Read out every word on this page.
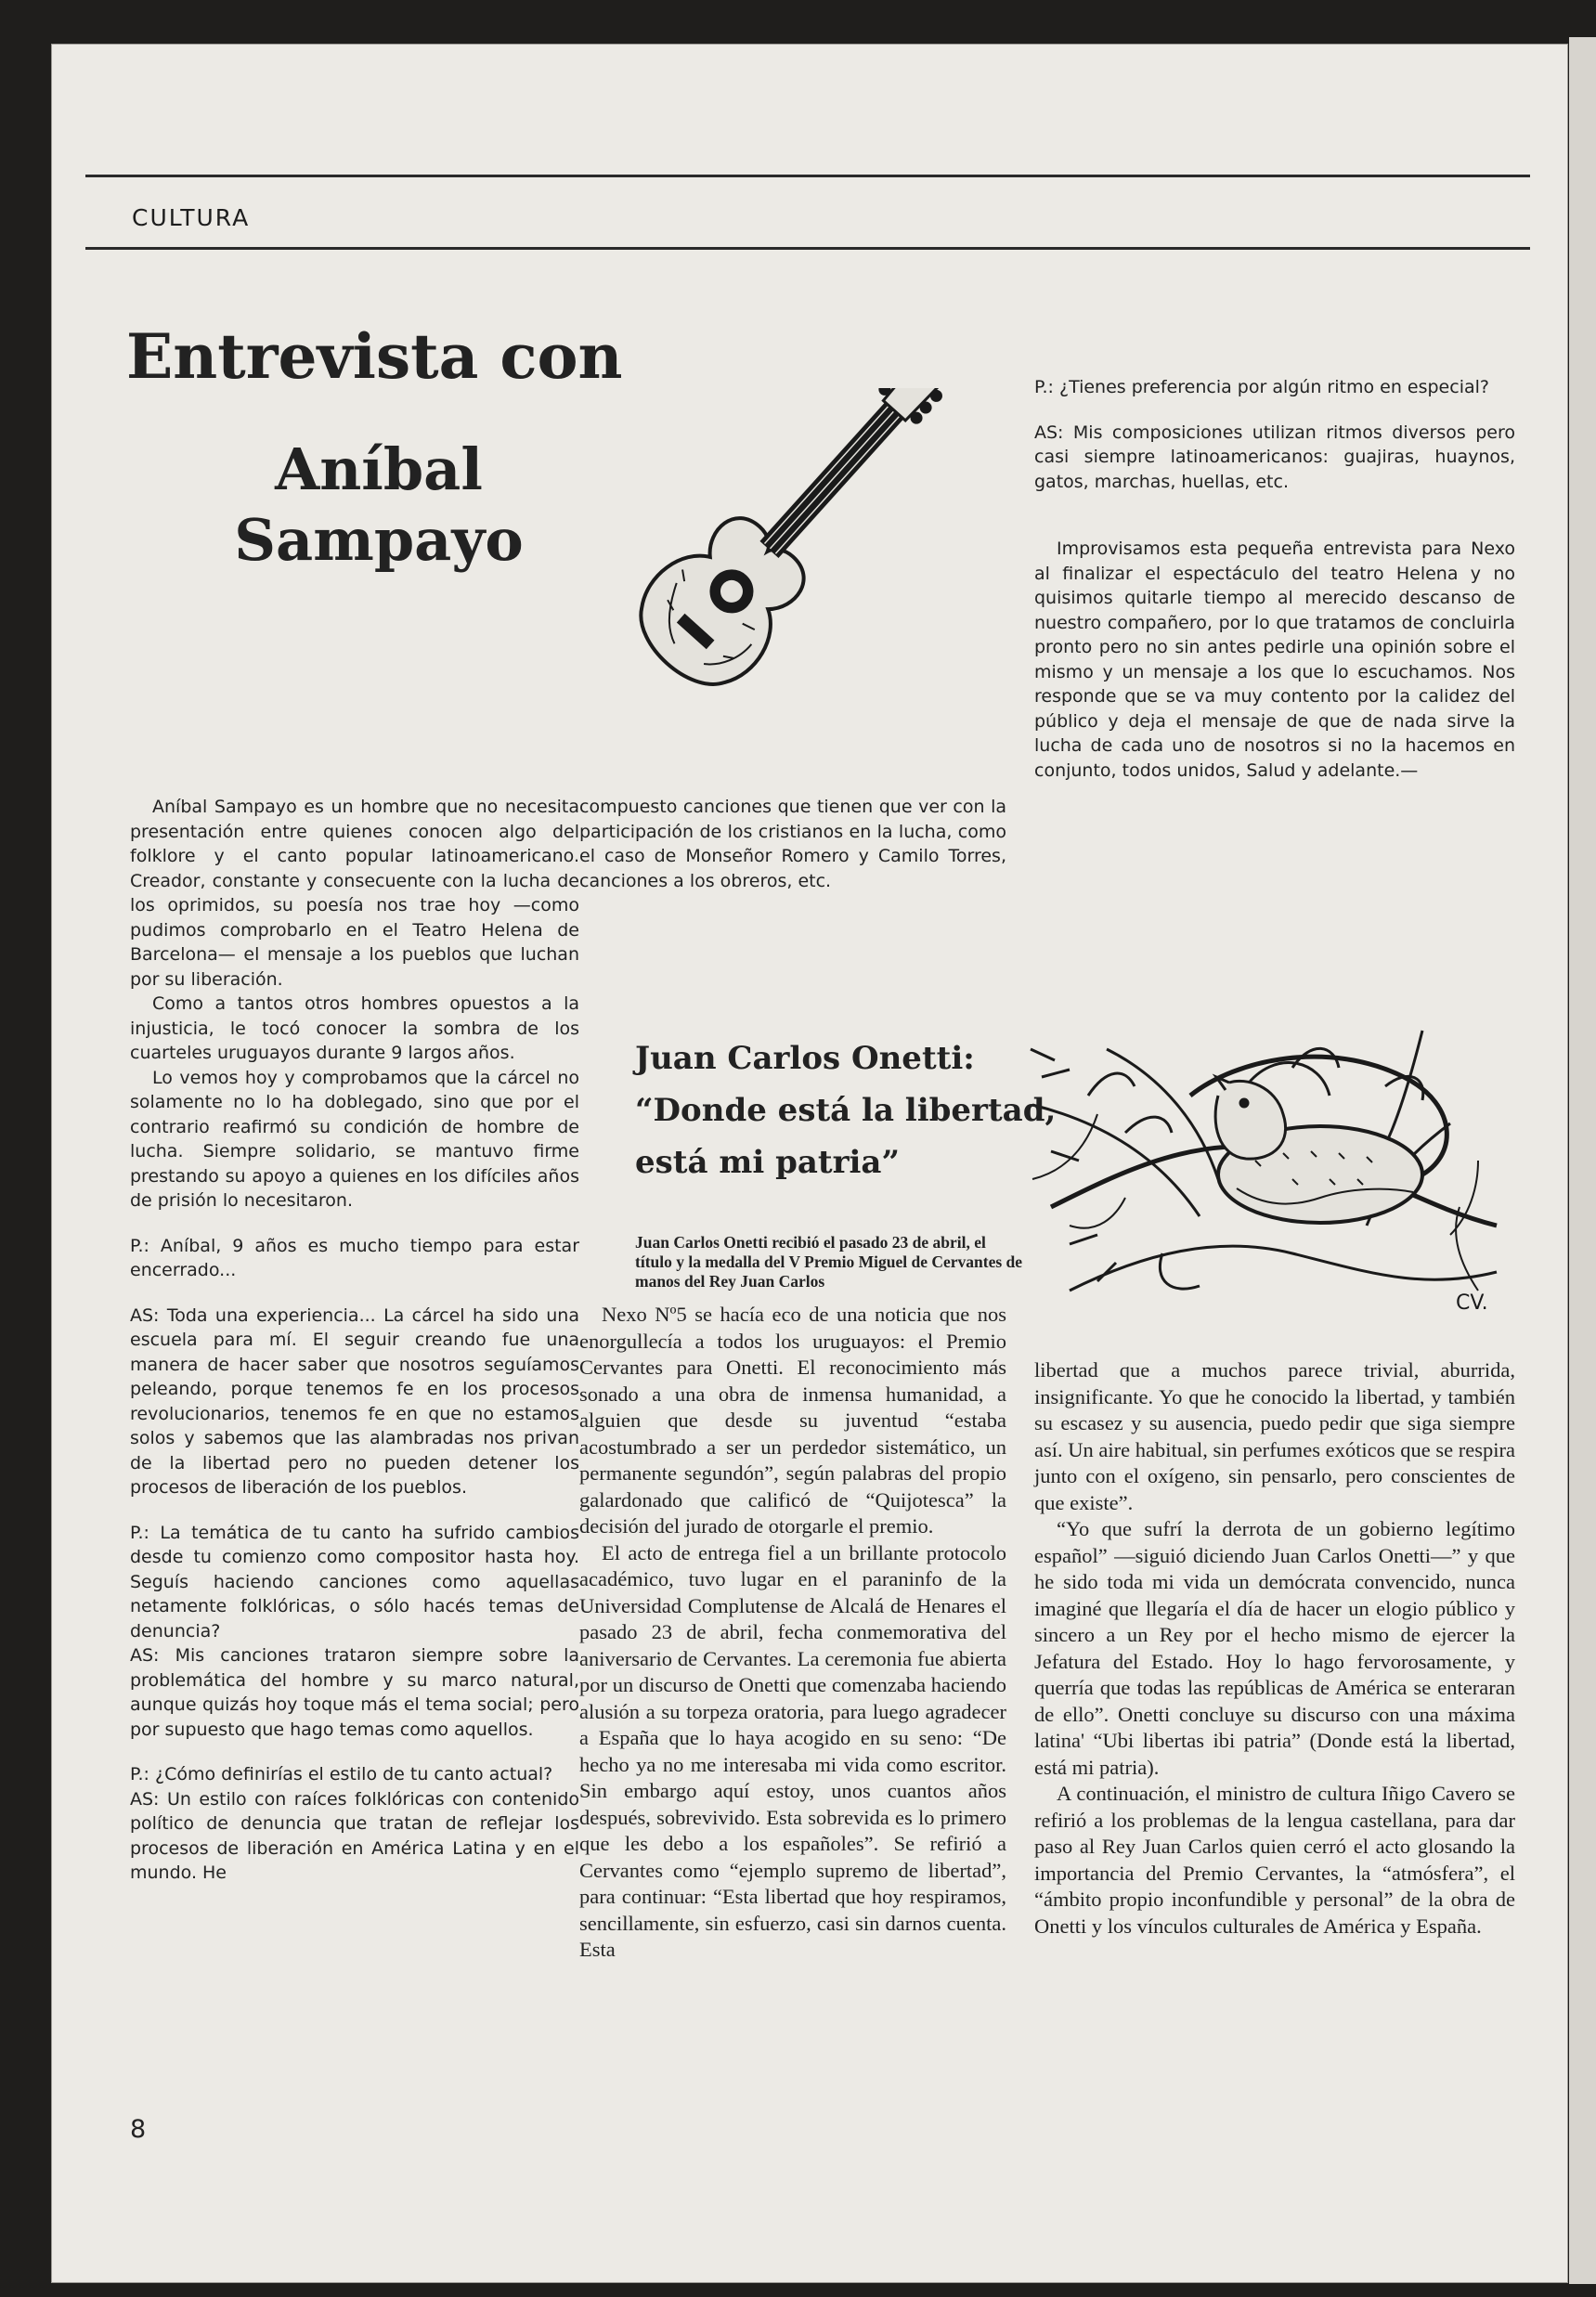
CULTURA
Entrevista con
Aníbal Sampayo

Aníbal Sampayo es un hombre que no necesita presentación entre quienes conocen algo del folklore y el canto popular latinoamericano. Creador, constante y consecuente con la lucha de los oprimidos, su poesía nos trae hoy —como pudimos comprobarlo en el Teatro Helena de Barcelona— el mensaje a los pueblos que luchan por su liberación.

Como a tantos otros hombres opuestos a la injusticia, le tocó conocer la sombra de los cuarteles uruguayos durante 9 largos años.

Lo vemos hoy y comprobamos que la cárcel no solamente no lo ha doblegado, sino que por el contrario reafirmó su condición de hombre de lucha. Siempre solidario, se mantuvo firme prestando su apoyo a quienes en los difíciles años de prisión lo necesitaron.

P.: Aníbal, 9 años es mucho tiempo para estar encerrado...

AS: Toda una experiencia... La cárcel ha sido una escuela para mí. El seguir creando fue una manera de hacer saber que nosotros seguíamos peleando, porque tenemos fe en los procesos revolucionarios, tenemos fe en que no estamos solos y sabemos que las alambradas nos privan de la libertad pero no pueden detener los procesos de liberación de los pueblos.

P.: La temática de tu canto ha sufrido cambios desde tu comienzo como compositor hasta hoy. Seguís haciendo canciones como aquellas netamente folklóricas, o sólo hacés temas de denuncia?

AS: Mis canciones trataron siempre sobre la problemática del hombre y su marco natural, aunque quizás hoy toque más el tema social; pero por supuesto que hago temas como aquellos.

P.: ¿Cómo definirías el estilo de tu canto actual?

AS: Un estilo con raíces folklóricas con contenido político de denuncia que tratan de reflejar los procesos de liberación en América Latina y en el mundo. He

compuesto canciones que tienen que ver con la participación de los cristianos en la lucha, como el caso de Monseñor Romero y Camilo Torres, canciones a los obreros, etc.

P.: ¿Tienes preferencia por algún ritmo en especial?

AS: Mis composiciones utilizan ritmos diversos pero casi siempre latinoamericanos: guajiras, huaynos, gatos, marchas, huellas, etc.

Improvisamos esta pequeña entrevista para Nexo al finalizar el espectáculo del teatro Helena y no quisimos quitarle tiempo al merecido descanso de nuestro compañero, por lo que tratamos de concluirla pronto pero no sin antes pedirle una opinión sobre el mismo y un mensaje a los que lo escuchamos. Nos responde que se va muy contento por la calidez del público y deja el mensaje de que de nada sirve la lucha de cada uno de nosotros si no la hacemos en conjunto, todos unidos, Salud y adelante.—

CV.
Juan Carlos Onetti: “Donde está la libertad, está mi patria”
Juan Carlos Onetti recibió el pasado 23 de abril, el título y la medalla del V Premio Miguel de Cervantes de manos del Rey Juan Carlos

Nexo Nº5 se hacía eco de una noticia que nos enorgullecía a todos los uruguayos: el Premio Cervantes para Onetti. El reconocimiento más sonado a una obra de inmensa humanidad, a alguien que desde su juventud “estaba acostumbrado a ser un perdedor sistemático, un permanente segundón”, según palabras del propio galardonado que calificó de “Quijotesca” la decisión del jurado de otorgarle el premio.

El acto de entrega fiel a un brillante protocolo académico, tuvo lugar en el paraninfo de la Universidad Complutense de Alcalá de Henares el pasado 23 de abril, fecha conmemorativa del aniversario de Cervantes. La ceremonia fue abierta por un discurso de Onetti que comenzaba haciendo alusión a su torpeza oratoria, para luego agradecer a España que lo haya acogido en su seno: “De hecho ya no me interesaba mi vida como escritor. Sin embargo aquí estoy, unos cuantos años después, sobrevivido. Esta sobrevida es lo primero que les debo a los españoles”. Se refirió a Cervantes como “ejemplo supremo de libertad”, para continuar: “Esta libertad que hoy respiramos, sencillamente, sin esfuerzo, casi sin darnos cuenta. Esta

libertad que a muchos parece trivial, aburrida, insignificante. Yo que he conocido la libertad, y también su escasez y su ausencia, puedo pedir que siga siempre así. Un aire habitual, sin perfumes exóticos que se respira junto con el oxígeno, sin pensarlo, pero conscientes de que existe”.

“Yo que sufrí la derrota de un gobierno legítimo español” —siguió diciendo Juan Carlos Onetti—” y que he sido toda mi vida un demócrata convencido, nunca imaginé que llegaría el día de hacer un elogio público y sincero a un Rey por el hecho mismo de ejercer la Jefatura del Estado. Hoy lo hago fervorosamente, y querría que todas las repúblicas de América se enteraran de ello”. Onetti concluye su discurso con una máxima latina' “Ubi libertas ibi patria” (Donde está la libertad, está mi patria).

A continuación, el ministro de cultura Iñigo Cavero se refirió a los problemas de la lengua castellana, para dar paso al Rey Juan Carlos quien cerró el acto glosando la importancia del Premio Cervantes, la “atmósfera”, el “ámbito propio inconfundible y personal” de la obra de Onetti y los vínculos culturales de América y España.

8
